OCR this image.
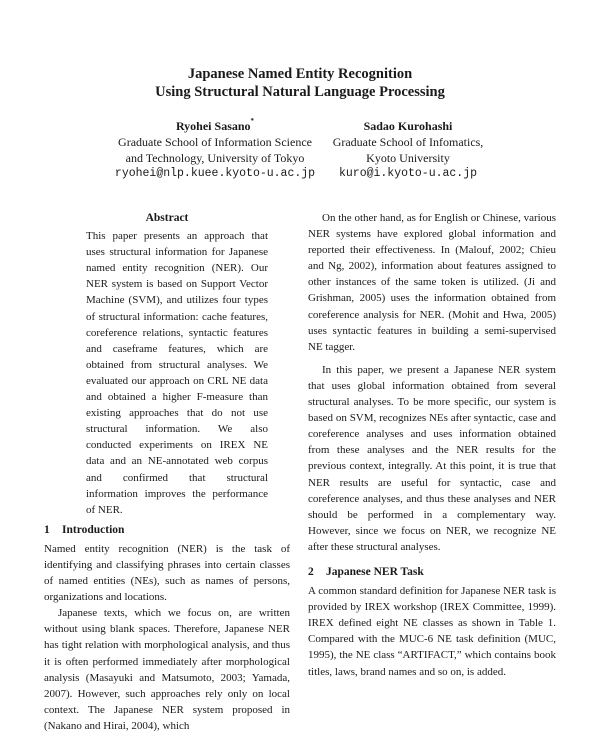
Japanese Named Entity Recognition
Using Structural Natural Language Processing
Ryohei Sasano*
Graduate School of Information Science
and Technology, University of Tokyo
ryohei@nlp.kuee.kyoto-u.ac.jp
Sadao Kurohashi
Graduate School of Infomatics,
Kyoto University
kuro@i.kyoto-u.ac.jp
Abstract

This paper presents an approach that uses structural information for Japanese named entity recognition (NER). Our NER system is based on Support Vector Machine (SVM), and utilizes four types of structural information: cache features, coreference relations, syntactic features and caseframe features, which are obtained from structural analyses. We evaluated our approach on CRL NE data and obtained a higher F-measure than existing approaches that do not use structural information. We also conducted experiments on IREX NE data and an NE-annotated web corpus and confirmed that structural information improves the performance of NER.

1 Introduction

Named entity recognition (NER) is the task of identifying and classifying phrases into certain classes of named entities (NEs), such as names of persons, organizations and locations.

Japanese texts, which we focus on, are written without using blank spaces. Therefore, Japanese NER has tight relation with morphological analysis, and thus it is often performed immediately after morphological analysis (Masayuki and Matsumoto, 2003; Yamada, 2007). However, such approaches rely only on local context. The Japanese NER system proposed in (Nakano and Hirai, 2004), which

On the other hand, as for English or Chinese, various NER systems have explored global information and reported their effectiveness. In (Malouf, 2002; Chieu and Ng, 2002), information about features assigned to other instances of the same token is utilized. (Ji and Grishman, 2005) uses the information obtained from coreference analysis for NER. (Mohit and Hwa, 2005) uses syntactic features in building a semi-supervised NE tagger.

In this paper, we present a Japanese NER system that uses global information obtained from several structural analyses. To be more specific, our system is based on SVM, recognizes NEs after syntactic, case and coreference analyses and uses information obtained from these analyses and the NER results for the previous context, integrally. At this point, it is true that NER results are useful for syntactic, case and coreference analyses, and thus these analyses and NER should be performed in a complementary way. However, since we focus on NER, we recognize NE after these structural analyses.

2 Japanese NER Task

A common standard definition for Japanese NER task is provided by IREX workshop (IREX Committee, 1999). IREX defined eight NE classes as shown in Table 1. Compared with the MUC-6 NE task definition (MUC, 1995), the NE class “ARTIFACT,” which contains book titles, laws, brand names and so on, is added.
